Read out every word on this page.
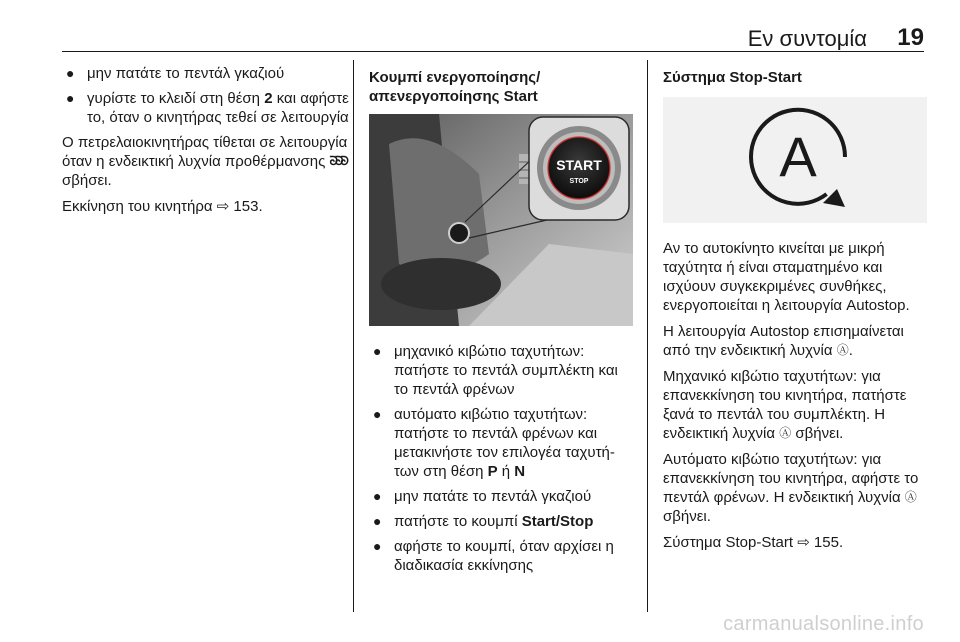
Εν συντομία 19
● μην πατάτε το πεντάλ γκαζιού
● γυρίστε το κλειδί στη θέση 2 και αφήστε το, όταν ο κινητήρας τεθεί σε λειτουργία

Ο πετρελαιοκινητήρας τίθεται σε λειτουργία όταν η ενδεικτική λυχνία προθέρμανσης ᘐᘐᘐ σβήσει.

Εκκίνηση του κινητήρα ⇨ 153.

Κουμπί ενεργοποίησης/ απενεργοποίησης Start
START
STOP
● μηχανικό κιβώτιο ταχυτήτων: πατήστε το πεντάλ συμπλέκτη και το πεντάλ φρένων
● αυτόματο κιβώτιο ταχυτήτων: πατήστε το πεντάλ φρένων και μετακινήστε τον επιλογέα ταχυτή-των στη θέση P ή N
● μην πατάτε το πεντάλ γκαζιού
● πατήστε το κουμπί Start/Stop
● αφήστε το κουμπί, όταν αρχίσει η διαδικασία εκκίνησης
Σύστημα Stop-Start
A

Αν το αυτοκίνητο κινείται με μικρή ταχύτητα ή είναι σταματημένο και ισχύουν συγκεκριμένες συνθήκες, ενεργοποιείται η λειτουργία Autostop.

Η λειτουργία Autostop επισημαίνεται από την ενδεικτική λυχνία Ⓐ.

Μηχανικό κιβώτιο ταχυτήτων: για επανεκκίνηση του κινητήρα, πατήστε ξανά το πεντάλ του συμπλέκτη. Η ενδεικτική λυχνία Ⓐ σβήνει.

Αυτόματο κιβώτιο ταχυτήτων: για επανεκκίνηση του κινητήρα, αφήστε το πεντάλ φρένων. Η ενδεικτική λυχνία Ⓐ σβήνει.

Σύστημα Stop-Start ⇨ 155.

carmanualsonline.info
